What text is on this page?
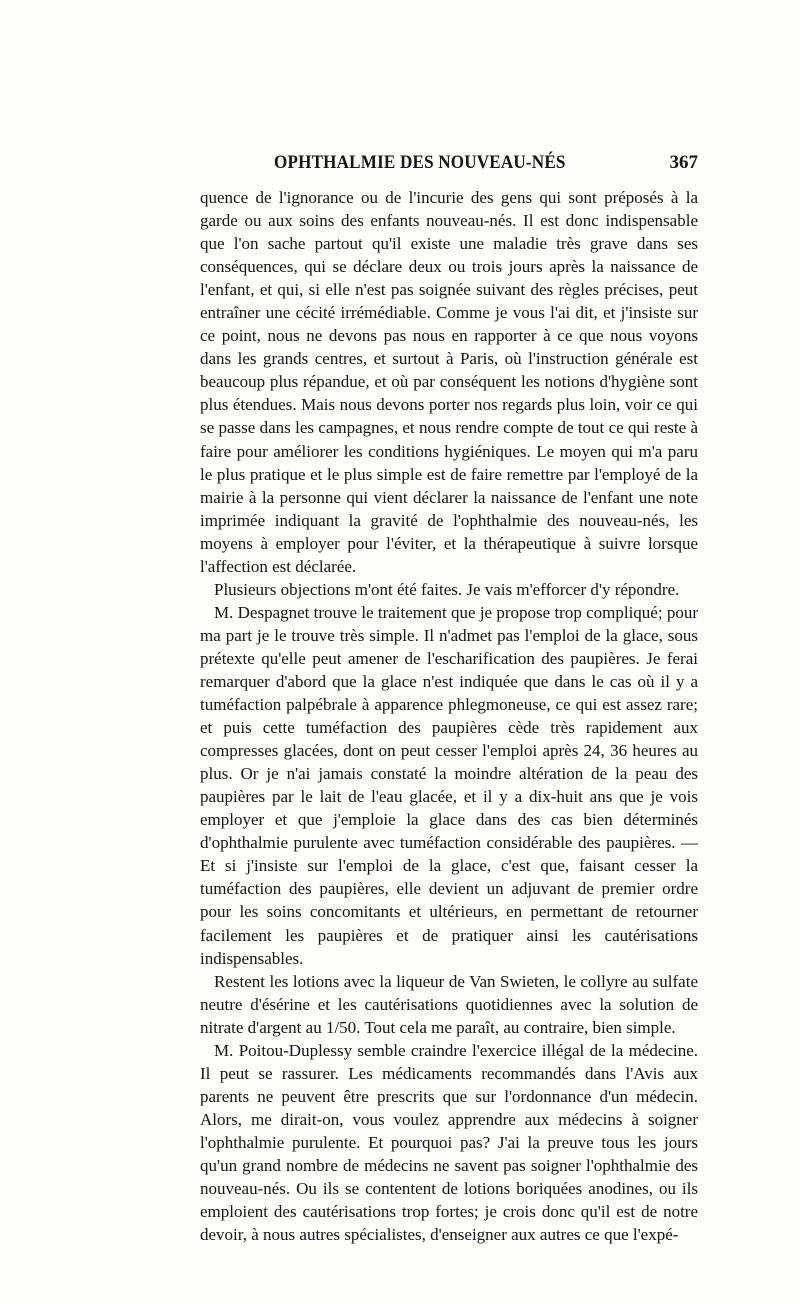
OPHTHALMIE DES NOUVEAU-NÉS	367

quence de l'ignorance ou de l'incurie des gens qui sont préposés à la garde ou aux soins des enfants nouveau-nés. Il est donc indispensable que l'on sache partout qu'il existe une maladie très grave dans ses conséquences, qui se déclare deux ou trois jours après la naissance de l'enfant, et qui, si elle n'est pas soignée suivant des règles précises, peut entraîner une cécité irrémédiable. Comme je vous l'ai dit, et j'insiste sur ce point, nous ne devons pas nous en rapporter à ce que nous voyons dans les grands centres, et surtout à Paris, où l'instruction générale est beaucoup plus répandue, et où par conséquent les notions d'hygiène sont plus étendues. Mais nous devons porter nos regards plus loin, voir ce qui se passe dans les campagnes, et nous rendre compte de tout ce qui reste à faire pour améliorer les conditions hygiéniques. Le moyen qui m'a paru le plus pratique et le plus simple est de faire remettre par l'employé de la mairie à la personne qui vient déclarer la naissance de l'enfant une note imprimée indiquant la gravité de l'ophthalmie des nouveau-nés, les moyens à employer pour l'éviter, et la thérapeutique à suivre lorsque l'affection est déclarée.

Plusieurs objections m'ont été faites. Je vais m'efforcer d'y répondre.

M. Despagnet trouve le traitement que je propose trop compliqué; pour ma part je le trouve très simple. Il n'admet pas l'emploi de la glace, sous prétexte qu'elle peut amener de l'escharification des paupières. Je ferai remarquer d'abord que la glace n'est indiquée que dans le cas où il y a tuméfaction palpébrale à apparence phlegmoneuse, ce qui est assez rare; et puis cette tuméfaction des paupières cède très rapidement aux compresses glacées, dont on peut cesser l'emploi après 24, 36 heures au plus. Or je n'ai jamais constaté la moindre altération de la peau des paupières par le lait de l'eau glacée, et il y a dix-huit ans que je vois employer et que j'emploie la glace dans des cas bien déterminés d'ophthalmie purulente avec tuméfaction considérable des paupières. — Et si j'insiste sur l'emploi de la glace, c'est que, faisant cesser la tuméfaction des paupières, elle devient un adjuvant de premier ordre pour les soins concomitants et ultérieurs, en permettant de retourner facilement les paupières et de pratiquer ainsi les cautérisations indispensables.

Restent les lotions avec la liqueur de Van Swieten, le collyre au sulfate neutre d'ésérine et les cautérisations quotidiennes avec la solution de nitrate d'argent au 1/50. Tout cela me paraît, au contraire, bien simple.

M. Poitou-Duplessy semble craindre l'exercice illégal de la médecine. Il peut se rassurer. Les médicaments recommandés dans l'Avis aux parents ne peuvent être prescrits que sur l'ordonnance d'un médecin. Alors, me dirait-on, vous voulez apprendre aux médecins à soigner l'ophthalmie purulente. Et pourquoi pas? J'ai la preuve tous les jours qu'un grand nombre de médecins ne savent pas soigner l'ophthalmie des nouveau-nés. Ou ils se contentent de lotions boriquées anodines, ou ils emploient des cautérisations trop fortes; je crois donc qu'il est de notre devoir, à nous autres spécialistes, d'enseigner aux autres ce que l'expé-
